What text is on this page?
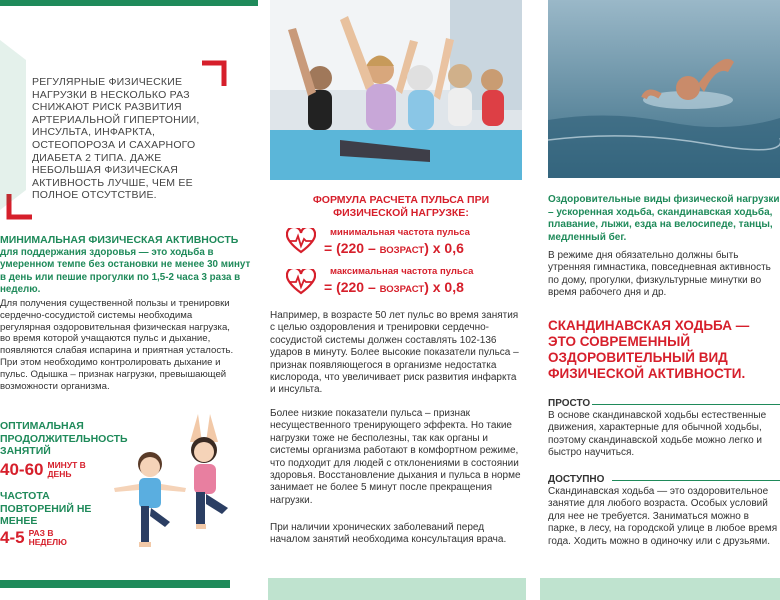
РЕГУЛЯРНЫЕ ФИЗИЧЕСКИЕ НАГРУЗКИ В НЕСКОЛЬКО РАЗ СНИЖАЮТ РИСК РАЗВИТИЯ АРТЕРИАЛЬНОЙ ГИПЕРТОНИИ, ИНСУЛЬТА, ИНФАРКТА, ОСТЕОПОРОЗА И САХАРНОГО ДИАБЕТА 2 ТИПА. ДАЖЕ НЕБОЛЬШАЯ ФИЗИЧЕСКАЯ АКТИВНОСТЬ ЛУЧШЕ, ЧЕМ ЕЕ ПОЛНОЕ ОТСУТСТВИЕ.
МИНИМАЛЬНАЯ ФИЗИЧЕСКАЯ АКТИВНОСТЬ
для поддержания здоровья — это ходьба в умеренном темпе без остановки не менее 30 минут в день или пешие прогулки по 1,5-2 часа 3 раза в неделю.
Для получения существенной пользы и тренировки сердечно-сосудистой системы необходима регулярная оздоровительная физическая нагрузка, во время которой учащаются пульс и дыхание, появляются слабая испарина и приятная усталость. При этом необходимо контролировать дыхание и пульс. Одышка – признак нагрузки, превышающей возможности организма.
ОПТИМАЛЬНАЯ ПРОДОЛЖИТЕЛЬНОСТЬ ЗАНЯТИЙ
40-60 МИНУТ В ДЕНЬ
ЧАСТОТА ПОВТОРЕНИЙ НЕ МЕНЕЕ
4-5 РАЗ В НЕДЕЛЮ
ФОРМУЛА РАСЧЕТА ПУЛЬСА ПРИ ФИЗИЧЕСКОЙ НАГРУЗКЕ:
минимальная частота пульса
= (220 – ВОЗРАСТ) х 0,6
максимальная частота пульса
= (220 – ВОЗРАСТ) х 0,8
Например, в возрасте 50 лет пульс во время занятия с целью оздоровления и тренировки сердечно-сосудистой системы должен составлять 102-136 ударов в минуту. Более высокие показатели пульса – признак появляющегося в организме недостатка кислорода, что увеличивает риск развития инфаркта и инсульта.
Более низкие показатели пульса – признак несущественного тренирующего эффекта. Но такие нагрузки тоже не бесполезны, так как органы и системы организма работают в комфортном режиме, что подходит для людей с отклонениями в состоянии здоровья. Восстановление дыхания и пульса в норме занимает не более 5 минут после прекращения нагрузки.
При наличии хронических заболеваний перед началом занятий необходима консультация врача.
Оздоровительные виды физической нагрузки – ускоренная ходьба, скандинавская ходьба, плавание, лыжи, езда на велосипеде, танцы, медленный бег.
В режиме дня обязательно должны быть утренняя гимнастика, повседневная активность по дому, прогулки, физкультурные минутки во время рабочего дня и др.
СКАНДИНАВСКАЯ ХОДЬБА — ЭТО СОВРЕМЕННЫЙ ОЗДОРОВИТЕЛЬНЫЙ ВИД ФИЗИЧЕСКОЙ АКТИВНОСТИ.
ПРОСТО
В основе скандинавской ходьбы естественные движения, характерные для обычной ходьбы, поэтому скандинавской ходьбе можно легко и быстро научиться.
ДОСТУПНО
Скандинавская ходьба — это оздоровительное занятие для любого возраста. Особых условий для нее не требуется. Заниматься можно в парке, в лесу, на городской улице в любое время года. Ходить можно в одиночку или с друзьями.
